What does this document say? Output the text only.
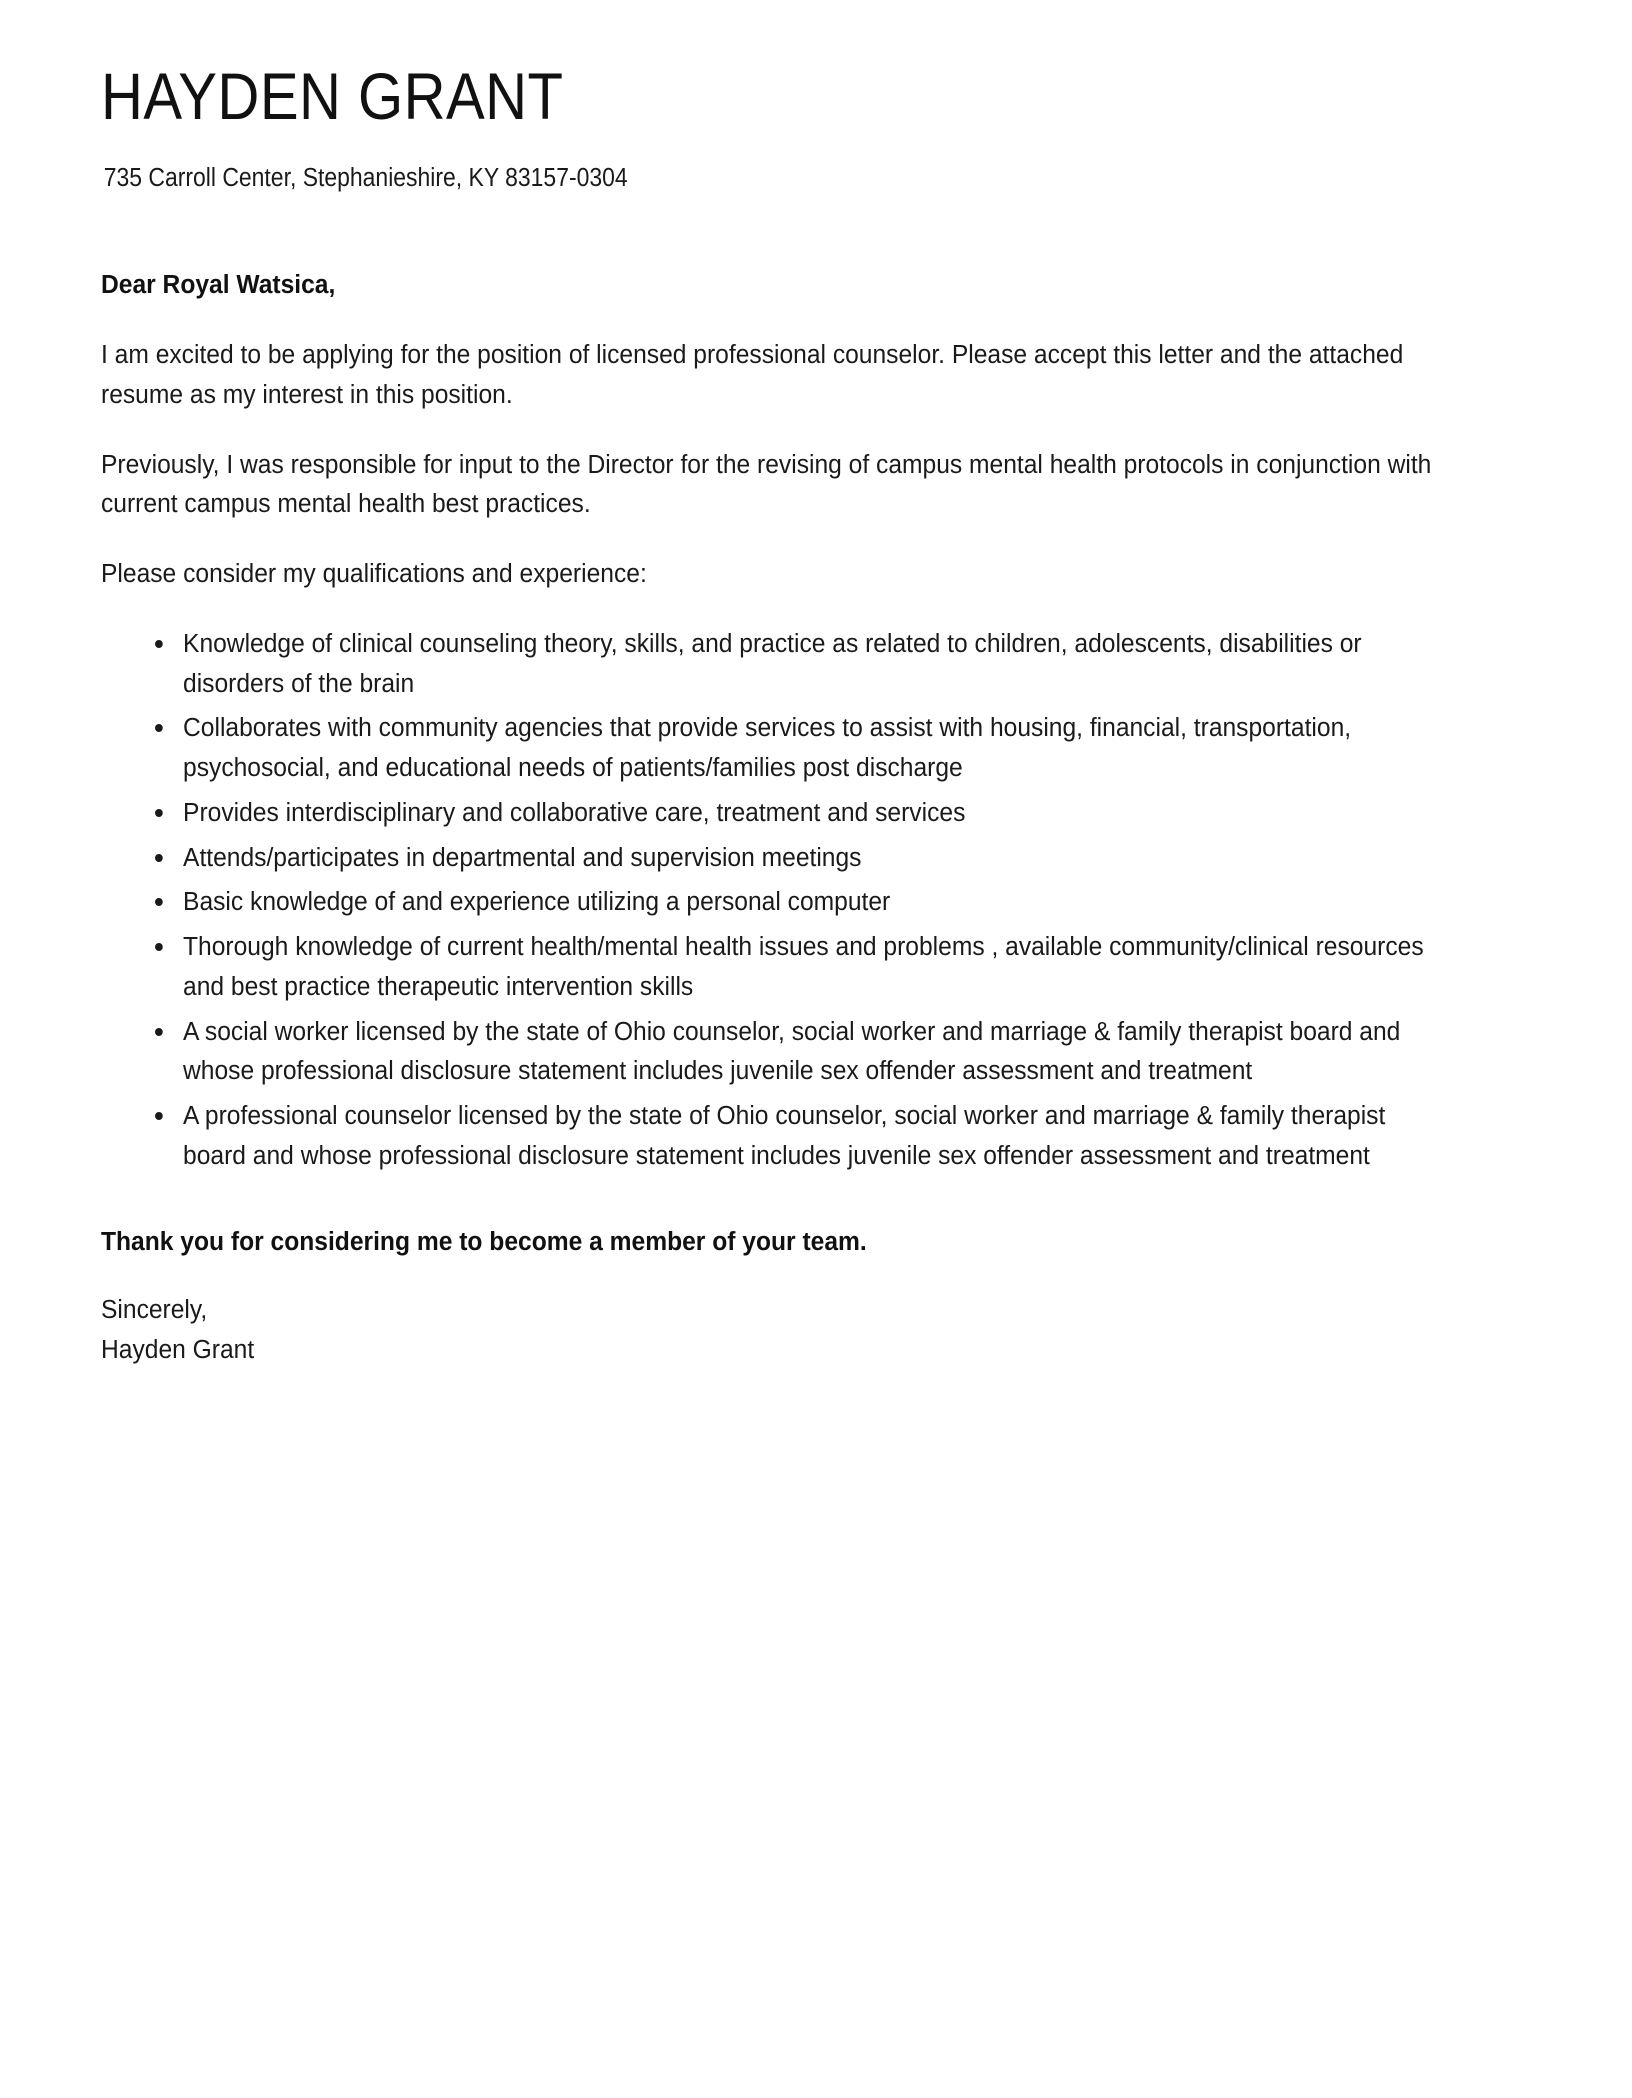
HAYDEN GRANT

735 Carroll Center, Stephanieshire, KY 83157-0304

Dear Royal Watsica,

I am excited to be applying for the position of licensed professional counselor. Please accept this letter and the attached resume as my interest in this position.

Previously, I was responsible for input to the Director for the revising of campus mental health protocols in conjunction with current campus mental health best practices.

Please consider my qualifications and experience:

Knowledge of clinical counseling theory, skills, and practice as related to children, adolescents, disabilities or disorders of the brain
Collaborates with community agencies that provide services to assist with housing, financial, transportation, psychosocial, and educational needs of patients/families post discharge
Provides interdisciplinary and collaborative care, treatment and services
Attends/participates in departmental and supervision meetings
Basic knowledge of and experience utilizing a personal computer
Thorough knowledge of current health/mental health issues and problems , available community/clinical resources and best practice therapeutic intervention skills
A social worker licensed by the state of Ohio counselor, social worker and marriage & family therapist board and whose professional disclosure statement includes juvenile sex offender assessment and treatment
A professional counselor licensed by the state of Ohio counselor, social worker and marriage & family therapist board and whose professional disclosure statement includes juvenile sex offender assessment and treatment

Thank you for considering me to become a member of your team.

Sincerely,
Hayden Grant
